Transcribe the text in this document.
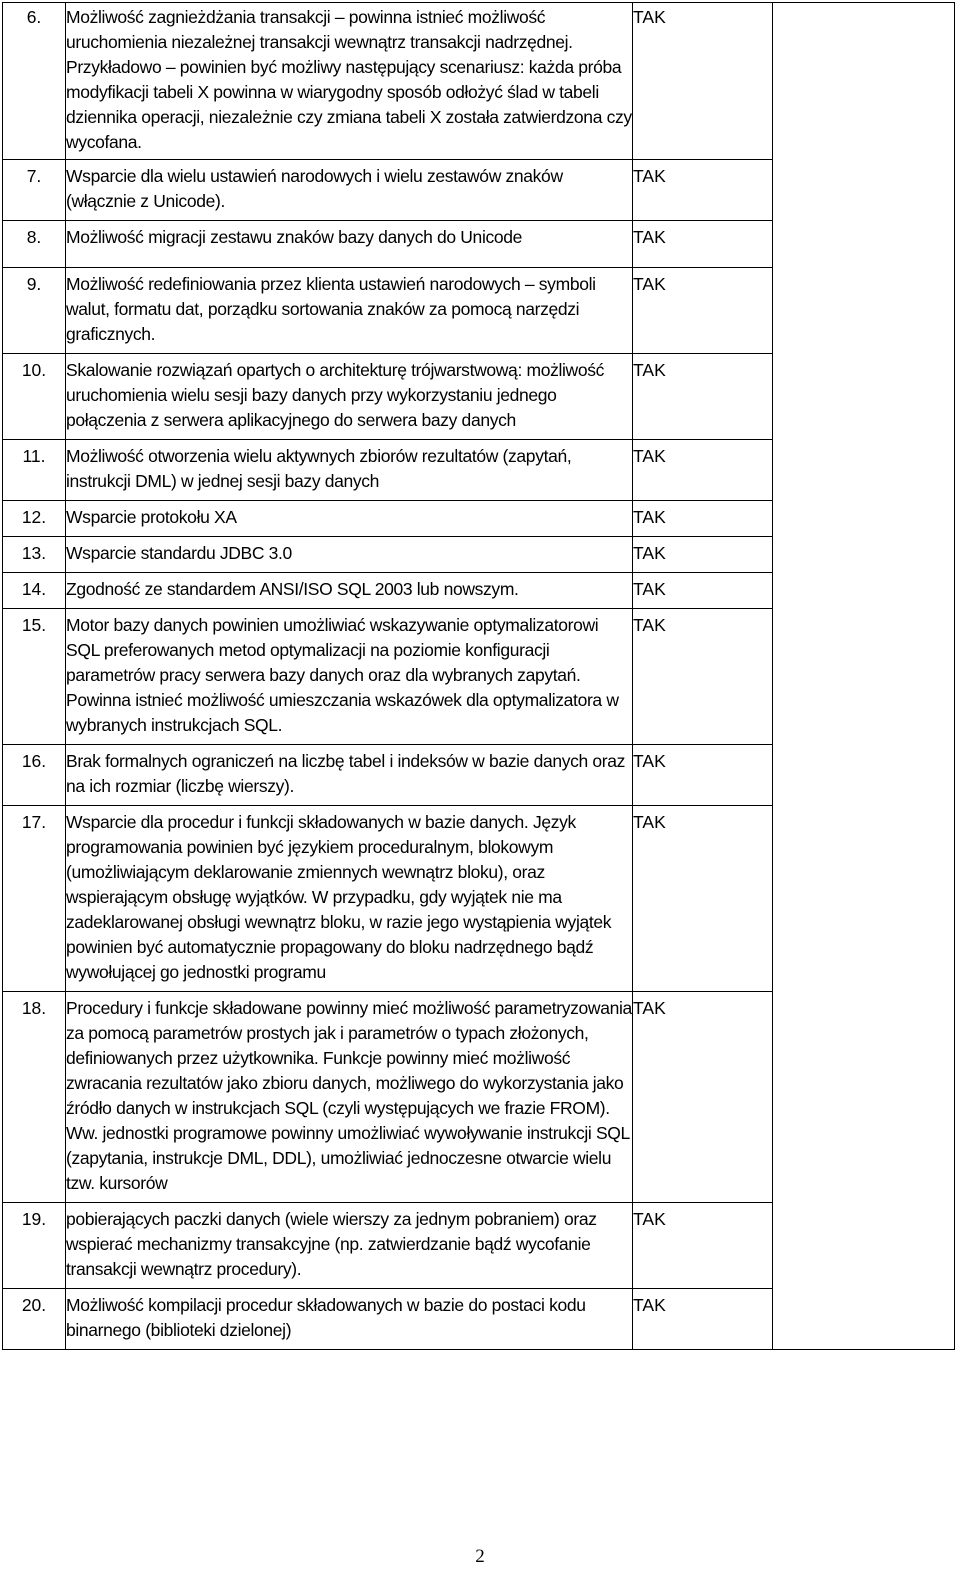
6.	Możliwość zagnieżdżania transakcji – powinna istnieć możliwość uruchomienia niezależnej transakcji wewnątrz transakcji nadrzędnej. Przykładowo – powinien być możliwy następujący scenariusz: każda próba modyfikacji tabeli X powinna w wiarygodny sposób odłożyć ślad w tabeli dziennika operacji, niezależnie czy zmiana tabeli X została zatwierdzona czy wycofana.	TAK	
7.	Wsparcie dla wielu ustawień narodowych i wielu zestawów znaków (włącznie z Unicode).	TAK	
8.	Możliwość migracji zestawu znaków bazy danych do Unicode	TAK	
9.	Możliwość redefiniowania przez klienta ustawień narodowych – symboli walut, formatu dat, porządku sortowania znaków za pomocą narzędzi graficznych.	TAK	
10.	Skalowanie rozwiązań opartych o architekturę trójwarstwową: możliwość uruchomienia wielu sesji bazy danych przy wykorzystaniu jednego połączenia z serwera aplikacyjnego do serwera bazy danych	TAK	
11.	Możliwość otworzenia wielu aktywnych zbiorów rezultatów (zapytań, instrukcji DML) w jednej sesji bazy danych	TAK	
12.	Wsparcie protokołu XA	TAK	
13.	Wsparcie standardu JDBC 3.0	TAK	
14.	Zgodność ze standardem ANSI/ISO SQL 2003 lub nowszym.	TAK	
15.	Motor bazy danych powinien umożliwiać wskazywanie optymalizatorowi SQL preferowanych metod optymalizacji na poziomie konfiguracji parametrów pracy serwera bazy danych oraz dla wybranych zapytań. Powinna istnieć możliwość umieszczania wskazówek dla optymalizatora w wybranych instrukcjach SQL.	TAK	
16.	Brak formalnych ograniczeń na liczbę tabel i indeksów w bazie danych oraz na ich rozmiar (liczbę wierszy).	TAK	
17.	Wsparcie dla procedur i funkcji składowanych w bazie danych. Język programowania powinien być językiem proceduralnym, blokowym (umożliwiającym deklarowanie zmiennych wewnątrz bloku), oraz wspierającym obsługę wyjątków. W przypadku, gdy wyjątek nie ma zadeklarowanej obsługi wewnątrz bloku, w razie jego wystąpienia wyjątek powinien być automatycznie propagowany do bloku nadrzędnego bądź wywołującej go jednostki programu	TAK	
18.	Procedury i funkcje składowane powinny mieć możliwość parametryzowania za pomocą parametrów prostych jak i parametrów o typach złożonych, definiowanych przez użytkownika. Funkcje powinny mieć możliwość zwracania rezultatów jako zbioru danych, możliwego do wykorzystania jako źródło danych w instrukcjach SQL (czyli występujących we frazie FROM). Ww. jednostki programowe powinny umożliwiać wywoływanie instrukcji SQL (zapytania, instrukcje DML, DDL), umożliwiać jednoczesne otwarcie wielu tzw. kursorów	TAK	
19.	pobierających paczki danych (wiele wierszy za jednym pobraniem) oraz wspierać mechanizmy transakcyjne (np. zatwierdzanie bądź wycofanie transakcji wewnątrz procedury).	TAK	
20.	Możliwość kompilacji procedur składowanych w bazie do postaci kodu binarnego (biblioteki dzielonej)	TAK	
2
